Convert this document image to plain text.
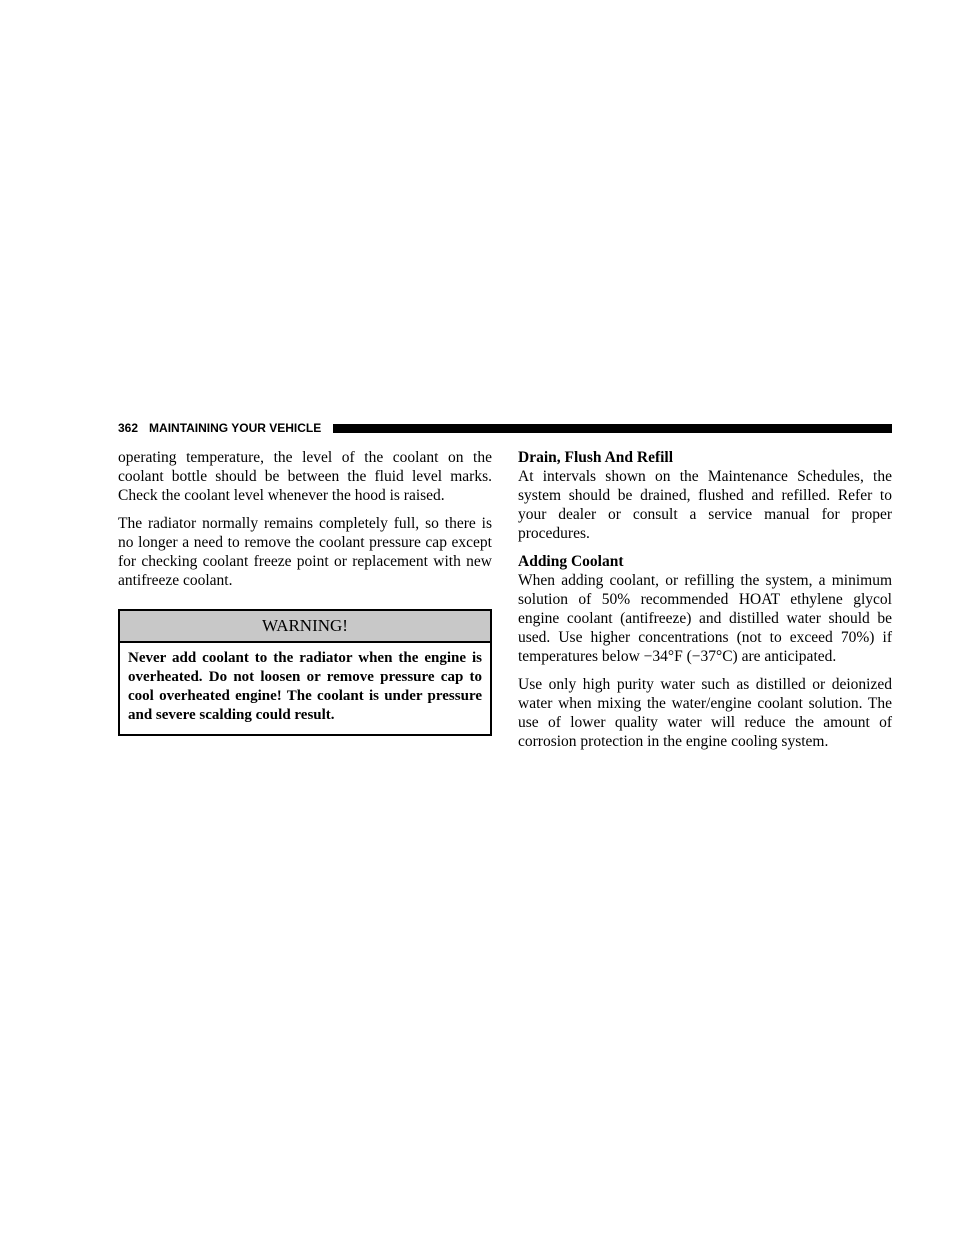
362 MAINTAINING YOUR VEHICLE

operating temperature, the level of the coolant on the coolant bottle should be between the fluid level marks. Check the coolant level whenever the hood is raised.

The radiator normally remains completely full, so there is no longer a need to remove the coolant pressure cap except for checking coolant freeze point or replacement with new antifreeze coolant.

WARNING!
Never add coolant to the radiator when the engine is overheated. Do not loosen or remove pressure cap to cool overheated engine! The coolant is under pressure and severe scalding could result.
Drain, Flush And Refill

At intervals shown on the Maintenance Schedules, the system should be drained, flushed and refilled. Refer to your dealer or consult a service manual for proper procedures.

Adding Coolant

When adding coolant, or refilling the system, a minimum solution of 50% recommended HOAT ethylene glycol engine coolant (antifreeze) and distilled water should be used. Use higher concentrations (not to exceed 70%) if temperatures below −34°F (−37°C) are anticipated.

Use only high purity water such as distilled or deionized water when mixing the water/engine coolant solution. The use of lower quality water will reduce the amount of corrosion protection in the engine cooling system.
